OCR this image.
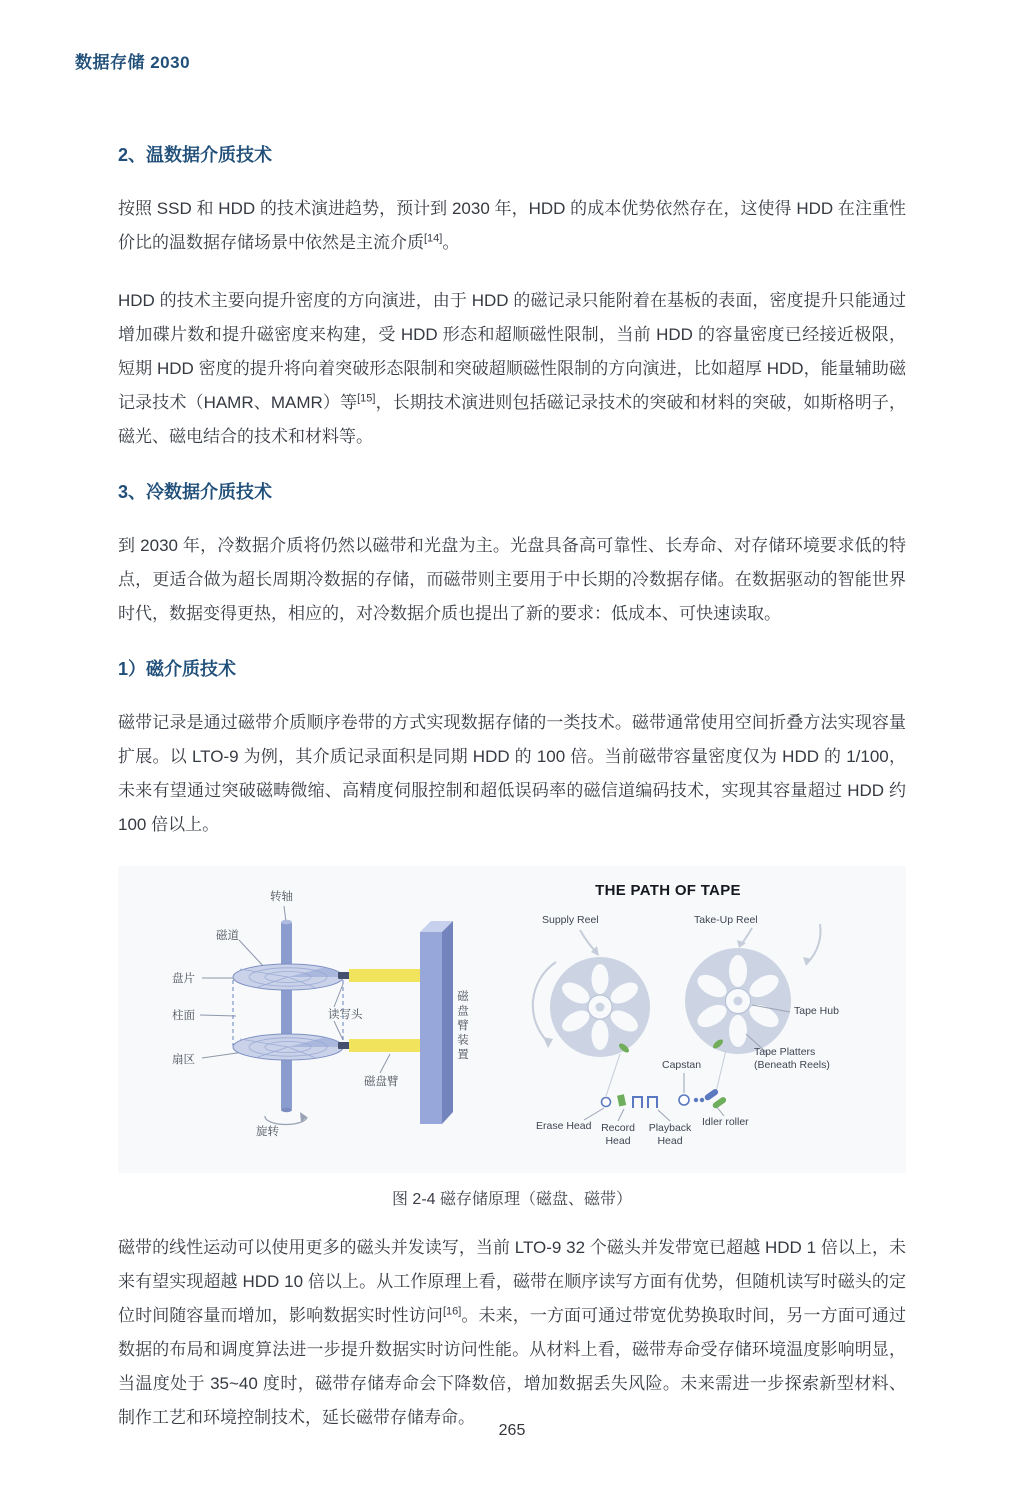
数据存储 2030
2、温数据介质技术

按照 SSD 和 HDD 的技术演进趋势，预计到 2030 年，HDD 的成本优势依然存在，这使得 HDD 在注重性价比的温数据存储场景中依然是主流介质[14]。

HDD 的技术主要向提升密度的方向演进，由于 HDD 的磁记录只能附着在基板的表面，密度提升只能通过增加碟片数和提升磁密度来构建，受 HDD 形态和超顺磁性限制，当前 HDD 的容量密度已经接近极限，短期 HDD 密度的提升将向着突破形态限制和突破超顺磁性限制的方向演进，比如超厚 HDD，能量辅助磁记录技术（HAMR、MAMR）等[15]，长期技术演进则包括磁记录技术的突破和材料的突破，如斯格明子，磁光、磁电结合的技术和材料等。

3、冷数据介质技术

到 2030 年，冷数据介质将仍然以磁带和光盘为主。光盘具备高可靠性、长寿命、对存储环境要求低的特点，更适合做为超长周期冷数据的存储，而磁带则主要用于中长期的冷数据存储。在数据驱动的智能世界时代，数据变得更热，相应的，对冷数据介质也提出了新的要求：低成本、可快速读取。

1）磁介质技术

磁带记录是通过磁带介质顺序卷带的方式实现数据存储的一类技术。磁带通常使用空间折叠方法实现容量扩展。以 LTO-9 为例，其介质记录面积是同期 HDD 的 100 倍。当前磁带容量密度仅为 HDD 的 1/100，未来有望通过突破磁畴微缩、高精度伺服控制和超低误码率的磁信道编码技术，实现其容量超过 HDD 约 100 倍以上。

转轴
磁道
盘片
柱面
扇区
旋转
读写头
磁盘臂
磁盘臂装置
THE PATH OF TAPE
Supply Reel	Take-Up Reel
Tape Hub
Tape Platters (Beneath Reels)
Capstan
Erase Head Record Head
Playback Head
Idler roller
图 2-4 磁存储原理（磁盘、磁带）

磁带的线性运动可以使用更多的磁头并发读写，当前 LTO-9 32 个磁头并发带宽已超越 HDD 1 倍以上，未来有望实现超越 HDD 10 倍以上。从工作原理上看，磁带在顺序读写方面有优势，但随机读写时磁头的定位时间随容量而增加，影响数据实时性访问[16]。未来，一方面可通过带宽优势换取时间，另一方面可通过数据的布局和调度算法进一步提升数据实时访问性能。从材料上看，磁带寿命受存储环境温度影响明显，当温度处于 35~40 度时，磁带存储寿命会下降数倍，增加数据丢失风险。未来需进一步探索新型材料、制作工艺和环境控制技术，延长磁带存储寿命。

265
